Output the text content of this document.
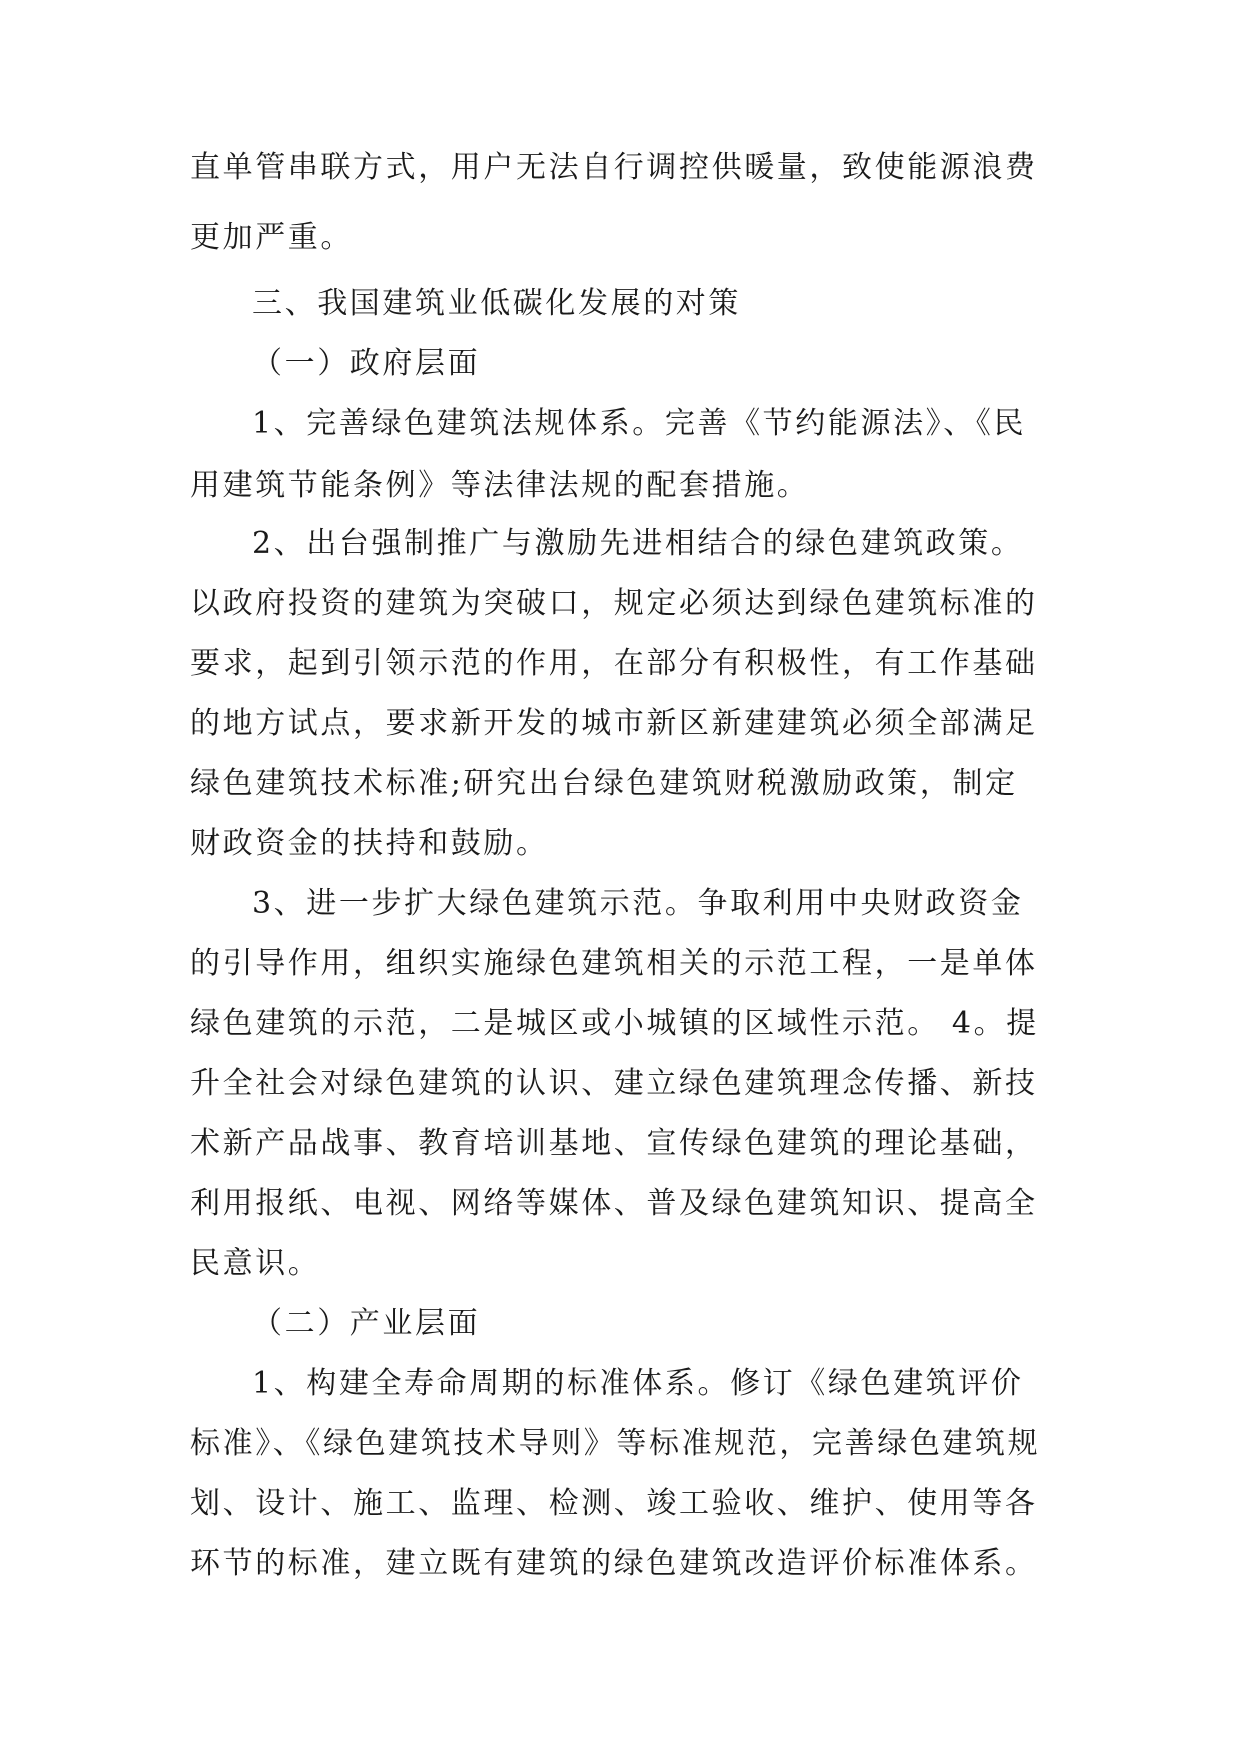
直单管串联方式，用户无法自行调控供暖量，致使能源浪费
更加严重。
三、我国建筑业低碳化发展的对策
（一）政府层面
1、完善绿色建筑法规体系。完善《节约能源法》、《民
用建筑节能条例》等法律法规的配套措施。
2、出台强制推广与激励先进相结合的绿色建筑政策。
以政府投资的建筑为突破口，规定必须达到绿色建筑标准的
要求，起到引领示范的作用，在部分有积极性，有工作基础
的地方试点，要求新开发的城市新区新建建筑必须全部满足
绿色建筑技术标准;研究出台绿色建筑财税激励政策，制定
财政资金的扶持和鼓励。
3、进一步扩大绿色建筑示范。争取利用中央财政资金
的引导作用，组织实施绿色建筑相关的示范工程，一是单体
绿色建筑的示范，二是城区或小城镇的区域性示范。 4。提
升全社会对绿色建筑的认识、建立绿色建筑理念传播、新技
术新产品战事、教育培训基地、宣传绿色建筑的理论基础，
利用报纸、电视、网络等媒体、普及绿色建筑知识、提高全
民意识。
（二）产业层面
1、构建全寿命周期的标准体系。修订《绿色建筑评价
标准》、《绿色建筑技术导则》等标准规范，完善绿色建筑规
划、设计、施工、监理、检测、竣工验收、维护、使用等各
环节的标准，建立既有建筑的绿色建筑改造评价标准体系。
